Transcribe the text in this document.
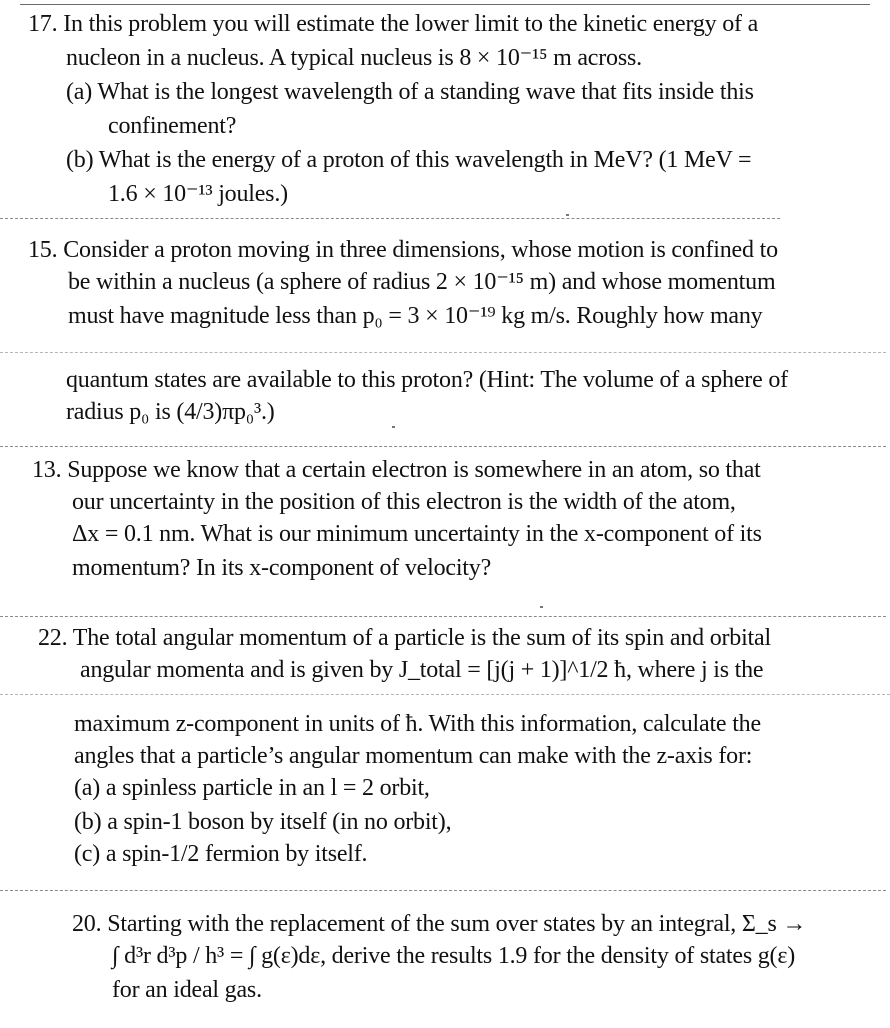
17. In this problem you will estimate the lower limit to the kinetic energy of a
nucleon in a nucleus. A typical nucleus is 8 × 10⁻¹⁵ m across.
(a) What is the longest wavelength of a standing wave that fits inside this
confinement?
(b) What is the energy of a proton of this wavelength in MeV? (1 MeV =
1.6 × 10⁻¹³ joules.)
15. Consider a proton moving in three dimensions, whose motion is confined to
be within a nucleus (a sphere of radius 2 × 10⁻¹⁵ m) and whose momentum
must have magnitude less than p₀ = 3 × 10⁻¹⁹ kg m/s. Roughly how many
quantum states are available to this proton? (Hint: The volume of a sphere of
radius p₀ is (4/3)πp₀³.)
13. Suppose we know that a certain electron is somewhere in an atom, so that
our uncertainty in the position of this electron is the width of the atom,
Δx = 0.1 nm. What is our minimum uncertainty in the x-component of its
momentum? In its x-component of velocity?
22. The total angular momentum of a particle is the sum of its spin and orbital
angular momenta and is given by J_total = [j(j + 1)]^1/2 ħ, where j is the
maximum z-component in units of ħ. With this information, calculate the
angles that a particle’s angular momentum can make with the z-axis for:
(a) a spinless particle in an l = 2 orbit,
(b) a spin-1 boson by itself (in no orbit),
(c) a spin-1/2 fermion by itself.
20. Starting with the replacement of the sum over states by an integral, Σ_s →
∫ d³r d³p / h³ = ∫ g(ε)dε, derive the results 1.9 for the density of states g(ε)
for an ideal gas.
